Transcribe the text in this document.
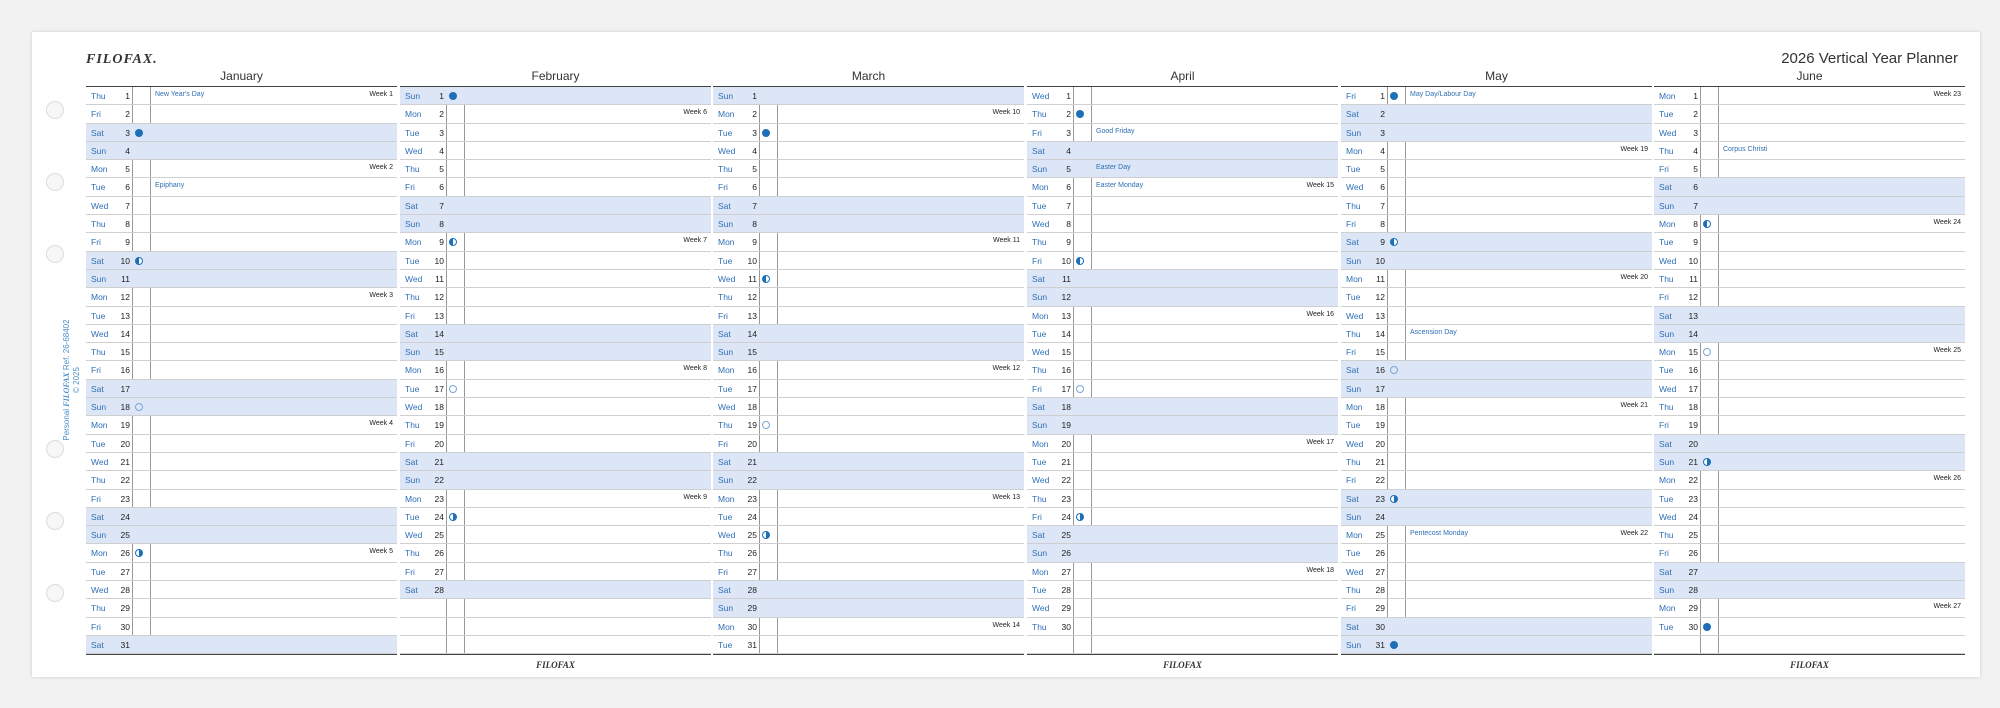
FILOFAX.	2026 Vertical Year Planner
Personal FILOFAX Ref. 26-68402
© 2025
January
Thu	1	New Year's Day	Week 1
Fri	2
Sat	3
Sun	4
Mon	5	Week 2
Tue	6	Epiphany
Wed	7
Thu	8
Fri	9
Sat 10
Sun 11
Mon 12	Week 3
Tue 13
Wed 14
Thu 15
Fri 16
Sat 17
Sun 18
Mon 19	Week 4
Tue 20
Wed 21
Thu 22
Fri 23
Sat 24
Sun 25
Mon 26	Week 5
Tue 27
Wed 28
Thu 29
Fri 30
Sat 31
February
Sun	1
Mon	2	Week 6
Tue	3
Wed	4
Thu	5
Fri	6
Sat	7
Sun	8
Mon	9	Week 7
Tue 10
Wed 11
Thu 12
Fri 13
Sat 14
Sun 15
Mon 16	Week 8
Tue 17
Wed 18
Thu 19
Fri 20
Sat 21
Sun 22
Mon 23	Week 9
Tue 24
Wed 25
Thu 26
Fri 27
Sat 28
FILOFAX
March
Sun	1
Mon	2	Week 10
Tue	3
Wed	4
Thu	5
Fri	6
Sat	7
Sun	8
Mon	9	Week 11
Tue 10
Wed 11
Thu 12
Fri 13
Sat 14
Sun 15
Mon 16	Week 12
Tue 17
Wed 18
Thu 19
Fri 20
Sat 21
Sun 22
Mon 23	Week 13
Tue 24
Wed 25
Thu 26
Fri 27
Sat 28
Sun 29
Mon 30	Week 14
Tue 31
April
Wed	1
Thu	2
Fri	3	Good Friday
Sat	4
Sun	5	Easter Day
Mon	6	Easter Monday	Week 15
Tue	7
Wed	8
Thu	9
Fri 10
Sat 11
Sun 12
Mon 13	Week 16
Tue 14
Wed 15
Thu 16
Fri 17
Sat 18
Sun 19
Mon 20	Week 17
Tue 21
Wed 22
Thu 23
Fri 24
Sat 25
Sun 26
Mon 27	Week 18
Tue 28
Wed 29
Thu 30
FILOFAX
May
Fri	1	May Day/Labour Day
Sat	2
Sun	3
Mon	4	Week 19
Tue	5
Wed	6
Thu	7
Fri	8
Sat	9
Sun 10
Mon 11	Week 20
Tue 12
Wed 13
Thu 14	Ascension Day
Fri 15
Sat 16
Sun 17
Mon 18	Week 21
Tue 19
Wed 20
Thu 21
Fri 22
Sat 23
Sun 24
Mon 25	Pentecost Monday	Week 22
Tue 26
Wed 27
Thu 28
Fri 29
Sat 30
Sun 31
June
Mon	1	Week 23
Tue	2
Wed	3
Thu	4	Corpus Christi
Fri	5
Sat	6
Sun	7
Mon	8	Week 24
Tue	9
Wed 10
Thu 11
Fri 12
Sat 13
Sun 14
Mon 15	Week 25
Tue 16
Wed 17
Thu 18
Fri 19
Sat 20
Sun 21
Mon 22	Week 26
Tue 23
Wed 24
Thu 25
Fri 26
Sat 27
Sun 28
Mon 29	Week 27
Tue 30
FILOFAX
